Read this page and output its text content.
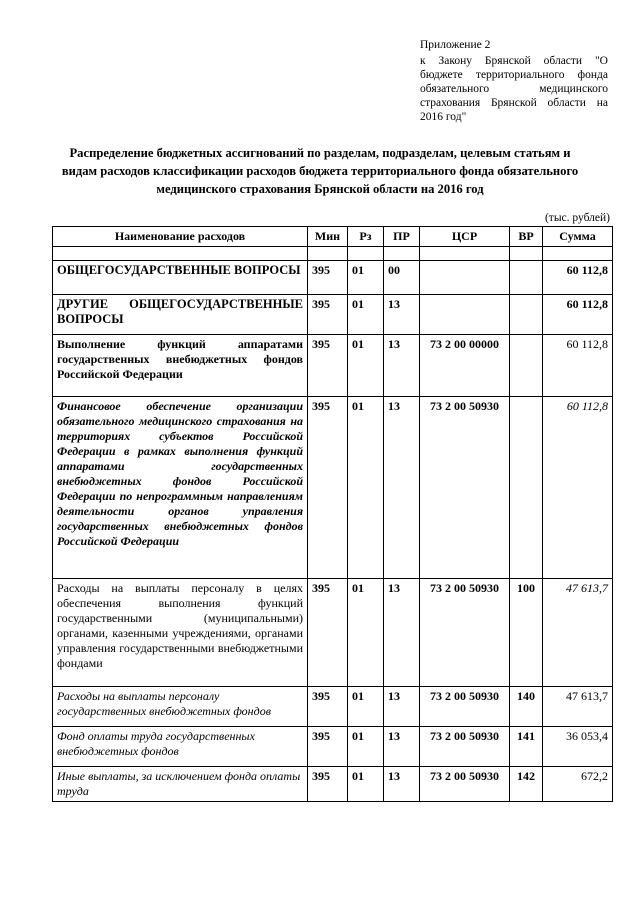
Приложение 2
к Закону Брянской области "О бюджете территориального фонда обязательного медицинского страхования Брянской области на 2016 год"
Распределение бюджетных ассигнований по разделам, подразделам, целевым статьям и видам расходов классификации расходов бюджета территориального фонда обязательного медицинского страхования Брянской области на 2016 год
(тыс. рублей)
Наименование расходов	Мин	Рз	ПР	ЦСР	ВР	Сумма

ОБЩЕГОСУДАРСТВЕННЫЕ ВОПРОСЫ	395	01	00			60 112,8
ДРУГИЕ ОБЩЕГОСУДАРСТВЕННЫЕ ВОПРОСЫ	395	01	13			60 112,8
Выполнение функций аппаратами государственных внебюджетных фондов Российской Федерации	395	01	13	73 2 00 00000		60 112,8
Финансовое обеспечение организации обязательного медицинского страхования на территориях субъектов Российской Федерации в рамках выполнения функций аппаратами государственных внебюджетных фондов Российской Федерации по непрограммным направлениям деятельности органов управления государственных внебюджетных фондов Российской Федерации	395	01	13	73 2 00 50930		60 112,8
Расходы на выплаты персоналу в целях обеспечения выполнения функций государственными (муниципальными) органами, казенными учреждениями, органами управления государственными внебюджетными фондами	395	01	13	73 2 00 50930	100	47 613,7
Расходы на выплаты персоналу государственных внебюджетных фондов	395	01	13	73 2 00 50930	140	47 613,7
Фонд оплаты труда государственных внебюджетных фондов	395	01	13	73 2 00 50930	141	36 053,4
Иные выплаты, за исключением фонда оплаты труда	395	01	13	73 2 00 50930	142	672,2
